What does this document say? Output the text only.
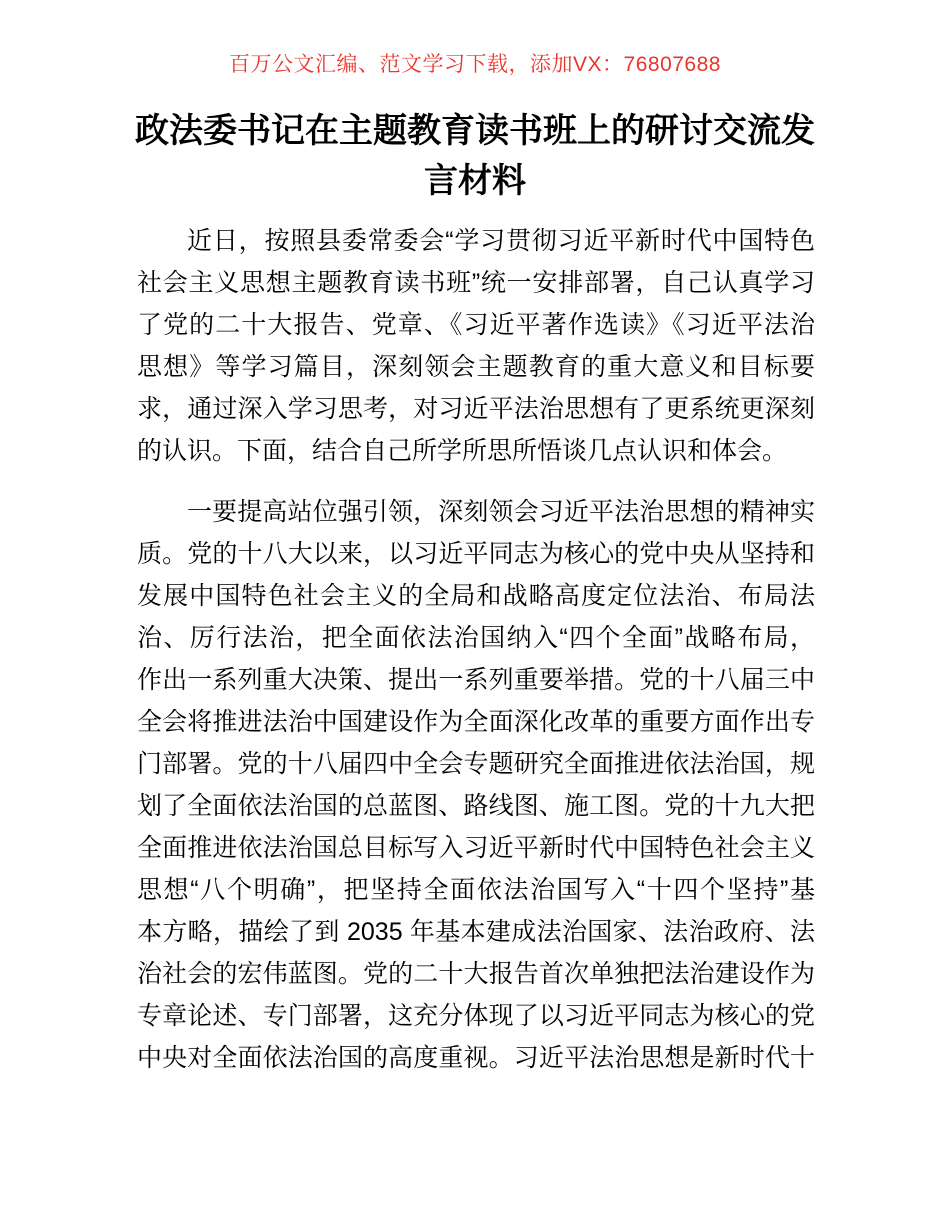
百万公文汇编、范文学习下载，添加VX：76807688
政法委书记在主题教育读书班上的研讨交流发
言材料
近日，按照县委常委会“学习贯彻习近平新时代中国特色
社会主义思想主题教育读书班”统一安排部署，自己认真学习
了党的二十大报告、党章、《习近平著作选读》《习近平法治
思想》等学习篇目，深刻领会主题教育的重大意义和目标要
求，通过深入学习思考，对习近平法治思想有了更系统更深刻
的认识。下面，结合自己所学所思所悟谈几点认识和体会。
一要提高站位强引领，深刻领会习近平法治思想的精神实
质。党的十八大以来，以习近平同志为核心的党中央从坚持和
发展中国特色社会主义的全局和战略高度定位法治、布局法
治、厉行法治，把全面依法治国纳入“四个全面”战略布局，
作出一系列重大决策、提出一系列重要举措。党的十八届三中
全会将推进法治中国建设作为全面深化改革的重要方面作出专
门部署。党的十八届四中全会专题研究全面推进依法治国，规
划了全面依法治国的总蓝图、路线图、施工图。党的十九大把
全面推进依法治国总目标写入习近平新时代中国特色社会主义
思想“八个明确”，把坚持全面依法治国写入“十四个坚持”基
本方略，描绘了到 2035 年基本建成法治国家、法治政府、法
治社会的宏伟蓝图。党的二十大报告首次单独把法治建设作为
专章论述、专门部署，这充分体现了以习近平同志为核心的党
中央对全面依法治国的高度重视。习近平法治思想是新时代十
